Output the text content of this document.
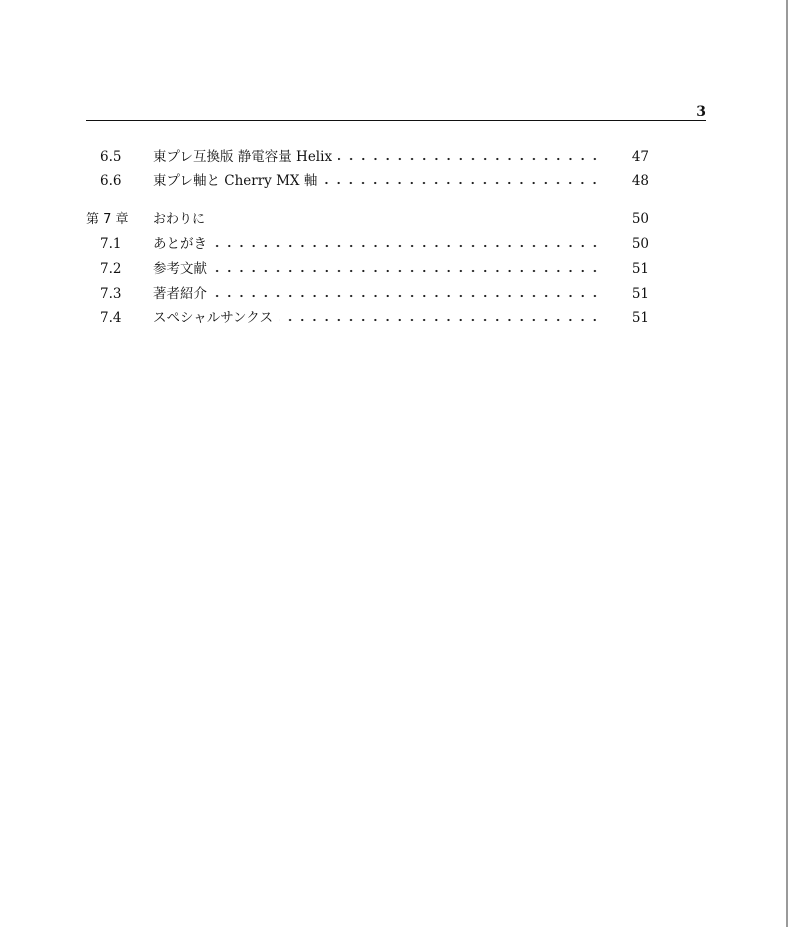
3
6.5	東プレ互換版 静電容量 Helix	47
6.6	東プレ軸と Cherry MX 軸	48
第 7 章	おわりに	50
7.1	あとがき	50
7.2	参考文献	51
7.3	著者紹介	51
7.4	スペシャルサンクス	51
